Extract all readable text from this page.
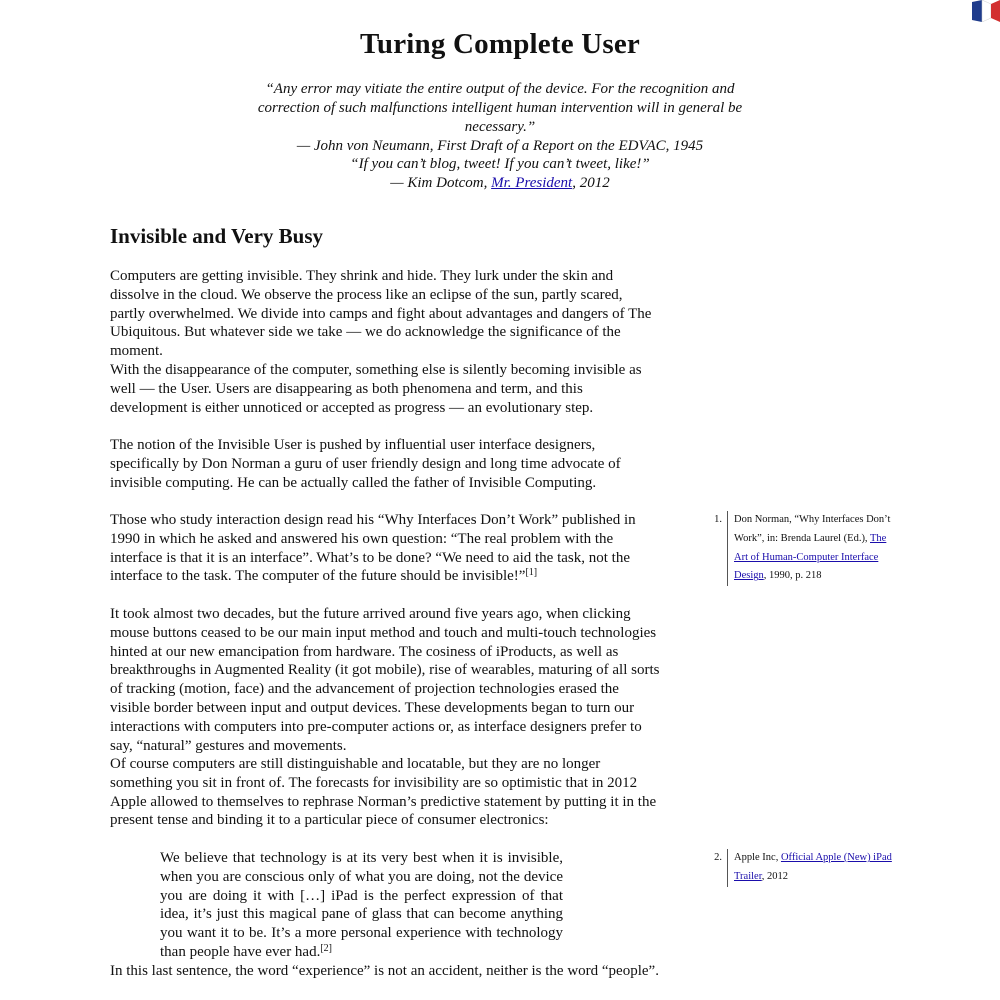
Turing Complete User

“Any error may vitiate the entire output of the device. For the recognition and correction of such malfunctions intelligent human intervention will in general be necessary.”

— John von Neumann, First Draft of a Report on the EDVAC, 1945

“If you can’t blog, tweet! If you can’t tweet, like!”

— Kim Dotcom, Mr. President, 2012

Invisible and Very Busy

Computers are getting invisible. They shrink and hide. They lurk under the skin and dissolve in the cloud. We observe the process like an eclipse of the sun, partly scared, partly overwhelmed. We divide into camps and fight about advantages and dangers of The Ubiquitous. But whatever side we take — we do acknowledge the significance of the moment.

With the disappearance of the computer, something else is silently becoming invisible as well — the User. Users are disappearing as both phenomena and term, and this development is either unnoticed or accepted as progress — an evolutionary step.

The notion of the Invisible User is pushed by influential user interface designers, specifically by Don Norman a guru of user friendly design and long time advocate of invisible computing. He can be actually called the father of Invisible Computing.

Those who study interaction design read his “Why Interfaces Don’t Work” published in 1990 in which he asked and answered his own question: “The real problem with the interface is that it is an interface”. What’s to be done? “We need to aid the task, not the interface to the task. The computer of the future should be invisible!”[1]

It took almost two decades, but the future arrived around five years ago, when clicking mouse buttons ceased to be our main input method and touch and multi-touch technologies hinted at our new emancipation from hardware. The cosiness of iProducts, as well as breakthroughs in Augmented Reality (it got mobile), rise of wearables, maturing of all sorts of tracking (motion, face) and the advancement of projection technologies erased the visible border between input and output devices. These developments began to turn our interactions with computers into pre-computer actions or, as interface designers prefer to say, “natural” gestures and movements.

Of course computers are still distinguishable and locatable, but they are no longer something you sit in front of. The forecasts for invisibility are so optimistic that in 2012 Apple allowed to themselves to rephrase Norman’s predictive statement by putting it in the present tense and binding it to a particular piece of consumer electronics:

We believe that technology is at its very best when it is invisible, when you are conscious only of what you are doing, not the device you are doing it with […] iPad is the perfect expression of that idea, it’s just this magical pane of glass that can become anything you want it to be. It’s a more personal experience with technology than people have ever had.[2]

In this last sentence, the word “experience” is not an accident, neither is the word “people”.

1.	Don Norman, “Why Interfaces Don’t Work”, in: Brenda Laurel (Ed.), The Art of Human-Computer Interface Design, 1990, p. 218
2.	Apple Inc, Official Apple (New) iPad Trailer, 2012
